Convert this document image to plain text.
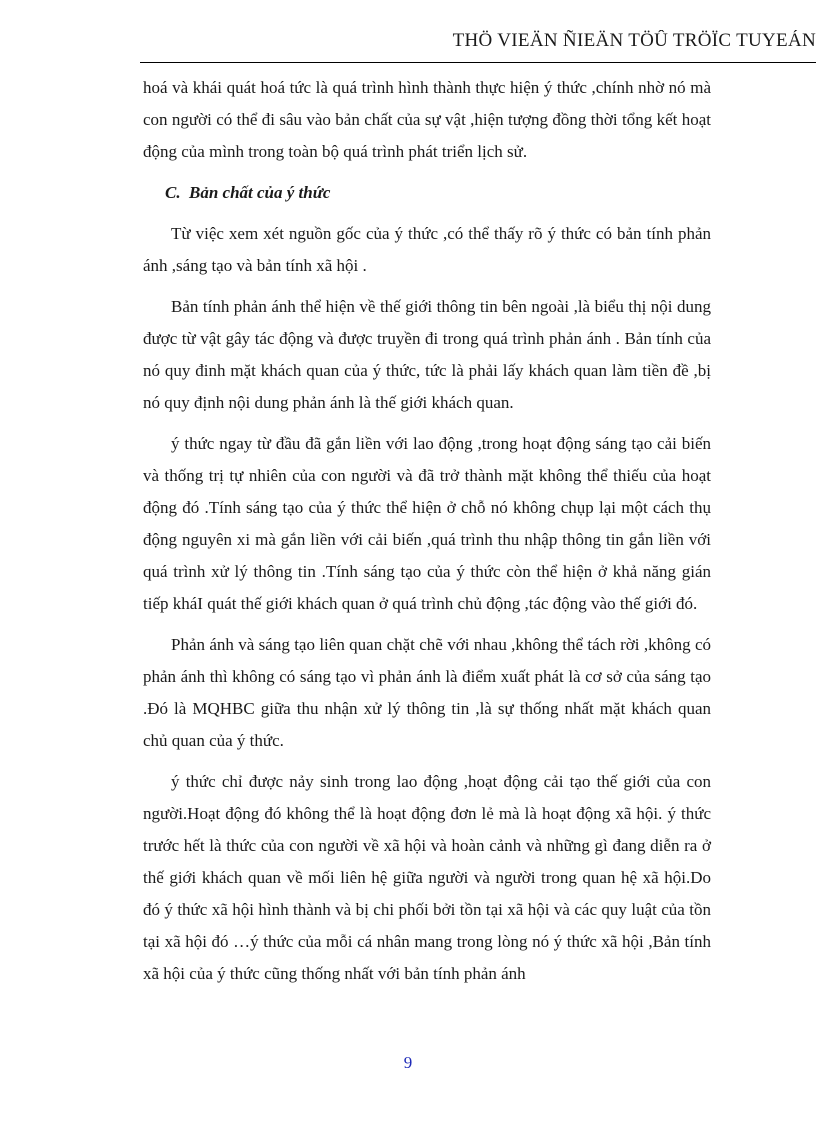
THÖ VIEÄN ÑIEÄN TÖÛ TRÖÏC TUYEÁN

hoá và khái quát hoá tức là quá trình hình thành thực hiện ý thức ,chính nhờ nó mà con người có thể đi sâu vào bản chất của sự vật ,hiện tượng đồng thời tổng kết hoạt động của mình trong toàn bộ quá trình phát triển lịch sử.

C. Bản chất của ý thức

Từ việc xem xét nguồn gốc của ý thức ,có thể thấy rõ ý thức có bản tính phản ánh ,sáng tạo và bản tính xã hội .

Bản tính phản ánh thể hiện về thế giới thông tin bên ngoài ,là biểu thị nội dung được từ vật gây tác động và được truyền đi trong quá trình phản ánh . Bản tính của nó quy đinh mặt khách quan của ý thức, tức là phải lấy khách quan làm tiền đề ,bị nó quy định nội dung phản ánh là thế giới khách quan.

ý thức ngay từ đầu đã gắn liền với lao động ,trong hoạt động sáng tạo cải biến và thống trị tự nhiên của con người và đã trở thành mặt không thể thiếu của hoạt động đó .Tính sáng tạo của ý thức thể hiện ở chỗ nó không chụp lại một cách thụ động nguyên xi mà gắn liền với cải biến ,quá trình thu nhập thông tin gắn liền với quá trình xử lý thông tin .Tính sáng tạo của ý thức còn thể hiện ở khả năng gián tiếp kháI quát thế giới khách quan ở quá trình chủ động ,tác động vào thế giới đó.

Phản ánh và sáng tạo liên quan chặt chẽ với nhau ,không thể tách rời ,không có phản ánh thì không có sáng tạo vì phản ánh là điểm xuất phát là cơ sở của sáng tạo .Đó là MQHBC giữa thu nhận xử lý thông tin ,là sự thống nhất mặt khách quan chủ quan của ý thức.

ý thức chỉ được nảy sinh trong lao động ,hoạt động cải tạo thế giới của con người.Hoạt động đó không thể là hoạt động đơn lẻ mà là hoạt động xã hội. ý thức trước hết là thức của con người về xã hội và hoàn cảnh và những gì đang diễn ra ở thế giới khách quan về mối liên hệ giữa người và người trong quan hệ xã hội.Do đó ý thức xã hội hình thành và bị chi phối bởi tồn tại xã hội và các quy luật của tồn tại xã hội đó …ý thức của mỗi cá nhân mang trong lòng nó ý thức xã hội ,Bản tính xã hội của ý thức cũng thống nhất với bản tính phản ánh

9
